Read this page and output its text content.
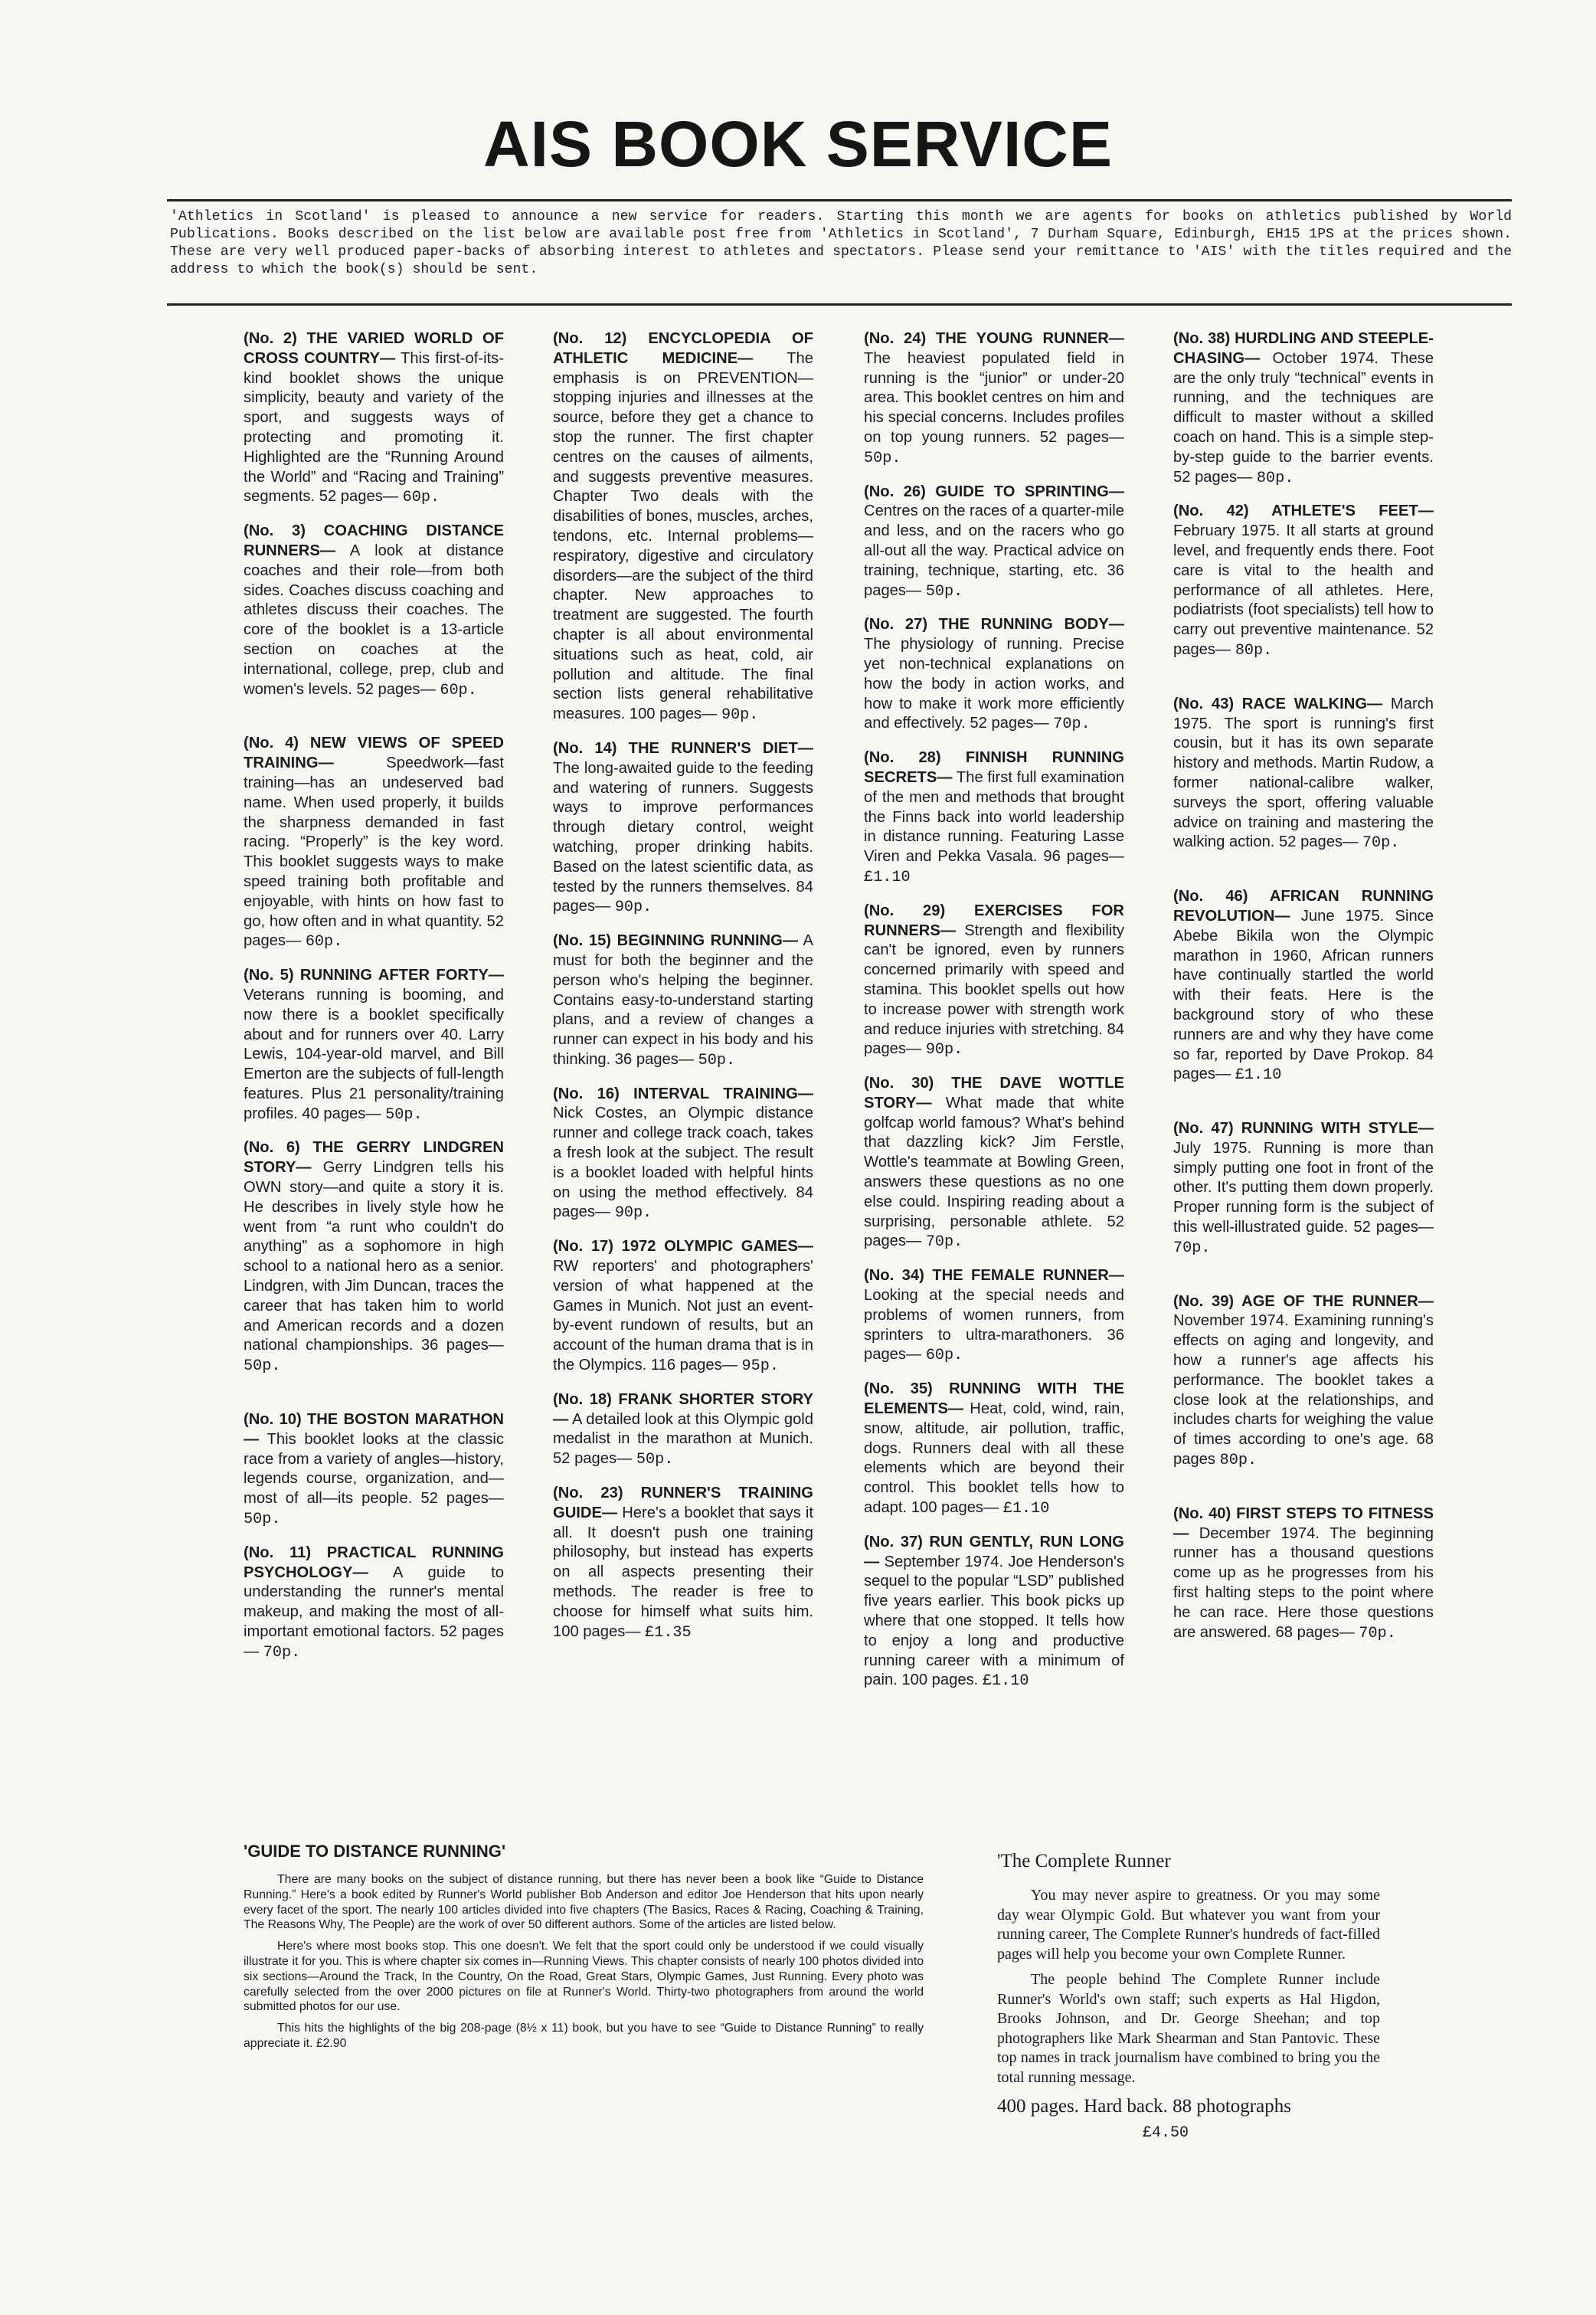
AIS BOOK SERVICE

'Athletics in Scotland' is pleased to announce a new service for readers. Starting this month we are agents for books on athletics published by World Publications. Books described on the list below are available post free from 'Athletics in Scotland', 7 Durham Square, Edinburgh, EH15 1PS at the prices shown. These are very well produced paper-backs of absorbing interest to athletes and spectators. Please send your remittance to 'AIS' with the titles required and the address to which the book(s) should be sent.

(No. 2) THE VARIED WORLD OF CROSS COUNTRY— This first-of-its-kind booklet shows the unique simplicity, beauty and variety of the sport, and suggests ways of protecting and promoting it. Highlighted are the “Running Around the World” and “Racing and Training” segments. 52 pages— 60p.

(No. 3) COACHING DISTANCE RUNNERS— A look at distance coaches and their role—from both sides. Coaches discuss coaching and athletes discuss their coaches. The core of the booklet is a 13-article section on coaches at the international, college, prep, club and women's levels. 52 pages— 60p.

(No. 4) NEW VIEWS OF SPEED TRAINING—	Speedwork—fast training—has an undeserved bad name. When used properly, it builds the sharpness demanded in fast racing. “Properly” is the key word. This booklet suggests ways to make speed training both profitable and enjoyable, with hints on how fast to go, how often and in what quantity. 52 pages— 60p.

(No. 5) RUNNING AFTER FORTY— Veterans running is booming, and now there is a booklet specifically about and for runners over 40. Larry Lewis, 104-year-old marvel, and Bill Emerton are the subjects of full-length features. Plus 21 personality/training profiles. 40 pages— 50p.

(No. 6) THE GERRY LINDGREN STORY— Gerry Lindgren tells his OWN story—and quite a story it is. He describes in lively style how he went from “a runt who couldn't do anything” as a sophomore in high school to a national hero as a senior. Lindgren, with Jim Duncan, traces the career that has taken him to world and American records and a dozen national championships. 36 pages— 50p.

(No. 10) THE BOSTON MARATHON— This booklet looks at the classic race from a variety of angles—history, legends course, organization, and—most of all—its people. 52 pages— 50p.

(No. 11) PRACTICAL RUNNING PSYCHOLOGY— A guide to understanding the runner's mental makeup, and making the most of all-important emotional factors. 52 pages— 70p.

(No. 12) ENCYCLOPEDIA OF ATHLETIC MEDICINE— The emphasis is on PREVENTION—stopping injuries and illnesses at the source, before they get a chance to stop the runner. The first chapter centres on the causes of ailments, and suggests preventive measures. Chapter Two deals with the disabilities of bones, muscles, arches, tendons, etc. Internal problems—respiratory, digestive and circulatory disorders—are the subject of the third chapter. New approaches to treatment are suggested. The fourth chapter is all about environmental situations such as heat, cold, air pollution and altitude. The final section lists general rehabilitative measures. 100 pages— 90p.

(No. 14) THE RUNNER'S DIET— The long-awaited guide to the feeding and watering of runners. Suggests ways to improve performances through dietary control, weight watching, proper drinking habits. Based on the latest scientific data, as tested by the runners themselves. 84 pages— 90p.

(No. 15) BEGINNING RUNNING— A must for both the beginner and the person who's helping the beginner. Contains easy-to-understand starting plans, and a review of changes a runner can expect in his body and his thinking. 36 pages— 50p.

(No. 16) INTERVAL TRAINING— Nick Costes, an Olympic distance runner and college track coach, takes a fresh look at the subject. The result is a booklet loaded with helpful hints on using the method effectively. 84 pages— 90p.

(No. 17) 1972 OLYMPIC GAMES— RW reporters' and photographers' version of what happened at the Games in Munich. Not just an event-by-event rundown of results, but an account of the human drama that is in the Olympics. 116 pages— 95p.

(No. 18) FRANK SHORTER STORY— A detailed look at this Olympic gold medalist in the marathon at Munich. 52 pages— 50p.

(No. 23) RUNNER'S TRAINING GUIDE— Here's a booklet that says it all. It doesn't push one training philosophy, but instead has experts on all aspects presenting their methods. The reader is free to choose for himself what suits him. 100 pages— £1.35

(No. 24) THE YOUNG RUNNER— The heaviest populated field in running is the “junior” or under-20 area. This booklet centres on him and his special concerns. Includes profiles on top young runners. 52 pages— 50p.

(No. 26) GUIDE TO SPRINTING— Centres on the races of a quarter-mile and less, and on the racers who go all-out all the way. Practical advice on training, technique, starting, etc. 36 pages— 50p.

(No. 27) THE RUNNING BODY— The physiology of running. Precise yet non-technical explanations on how the body in action works, and how to make it work more efficiently and effectively. 52 pages— 70p.

(No. 28) FINNISH RUNNING SECRETS— The first full examination of the men and methods that brought the Finns back into world leadership in distance running. Featuring Lasse Viren and Pekka Vasala. 96 pages— £1.10

(No. 29) EXERCISES FOR RUNNERS— Strength and flexibility can't be ignored, even by runners concerned primarily with speed and stamina. This booklet spells out how to increase power with strength work and reduce injuries with stretching. 84 pages— 90p.

(No. 30) THE DAVE WOTTLE STORY— What made that white golfcap world famous? What's behind that dazzling kick? Jim Ferstle, Wottle's teammate at Bowling Green, answers these questions as no one else could. Inspiring reading about a surprising, personable athlete. 52 pages— 70p.

(No. 34) THE FEMALE RUNNER— Looking at the special needs and problems of women runners, from sprinters to ultra-marathoners. 36 pages— 60p.

(No. 35) RUNNING WITH THE ELEMENTS— Heat, cold, wind, rain, snow, altitude, air pollution, traffic, dogs. Runners deal with all these elements which are beyond their control. This booklet tells how to adapt. 100 pages— £1.10

(No. 37) RUN GENTLY, RUN LONG— September 1974. Joe Henderson's sequel to the popular “LSD” published five years earlier. This book picks up where that one stopped. It tells how to enjoy a long and productive running career with a minimum of pain. 100 pages. £1.10

(No. 38) HURDLING AND STEEPLE-CHASING— October 1974. These are the only truly “technical” events in running, and the techniques are difficult to master without a skilled coach on hand. This is a simple step-by-step guide to the barrier events. 52 pages— 80p.

(No. 42) ATHLETE'S FEET— February 1975. It all starts at ground level, and frequently ends there. Foot care is vital to the health and performance of all athletes. Here, podiatrists (foot specialists) tell how to carry out preventive maintenance. 52 pages— 80p.

(No. 43) RACE WALKING— March 1975. The sport is running's first cousin, but it has its own separate history and methods. Martin Rudow, a former national-calibre walker, surveys the sport, offering valuable advice on training and mastering the walking action. 52 pages— 70p.

(No. 46) AFRICAN RUNNING REVOLUTION— June 1975. Since Abebe Bikila won the Olympic marathon in 1960, African runners have continually startled the world with their feats. Here is the background story of who these runners are and why they have come so far, reported by Dave Prokop. 84 pages— £1.10

(No. 47) RUNNING WITH STYLE— July 1975. Running is more than simply putting one foot in front of the other. It's putting them down properly. Proper running form is the subject of this well-illustrated guide. 52 pages— 70p.

(No. 39) AGE OF THE RUNNER— November 1974. Examining running's effects on aging and longevity, and how a runner's age affects his performance. The booklet takes a close look at the relationships, and includes charts for weighing the value of times according to one's age. 68 pages 80p.

(No. 40) FIRST STEPS TO FITNESS— December 1974. The beginning runner has a thousand questions come up as he progresses from his first halting steps to the point where he can race. Here those questions are answered. 68 pages— 70p.

'GUIDE TO DISTANCE RUNNING'

There are many books on the subject of distance running, but there has never been a book like “Guide to Distance Running.” Here's a book edited by Runner's World publisher Bob Anderson and editor Joe Henderson that hits upon nearly every facet of the sport. The nearly 100 articles divided into five chapters (The Basics, Races & Racing, Coaching & Training, The Reasons Why, The People) are the work of over 50 different authors. Some of the articles are listed below.

Here's where most books stop. This one doesn't. We felt that the sport could only be understood if we could visually illustrate it for you. This is where chapter six comes in—Running Views. This chapter consists of nearly 100 photos divided into six sections—Around the Track, In the Country, On the Road, Great Stars, Olympic Games, Just Running. Every photo was carefully selected from the over 2000 pictures on file at Runner's World. Thirty-two photographers from around the world submitted photos for our use.

This hits the highlights of the big 208-page (8½ x 11) book, but you have to see “Guide to Distance Running” to really appreciate it. £2.90

'The Complete Runner

You may never aspire to greatness. Or you may some day wear Olympic Gold. But whatever you want from your running career, The Complete Runner's hundreds of fact-filled pages will help you become your own Complete Runner.

The people behind The Complete Runner include Runner's World's own staff; such experts as Hal Higdon, Brooks Johnson, and Dr. George Sheehan; and top photographers like Mark Shearman and Stan Pantovic. These top names in track journalism have combined to bring you the total running message.

400 pages. Hard back. 88 photographs
£4.50
